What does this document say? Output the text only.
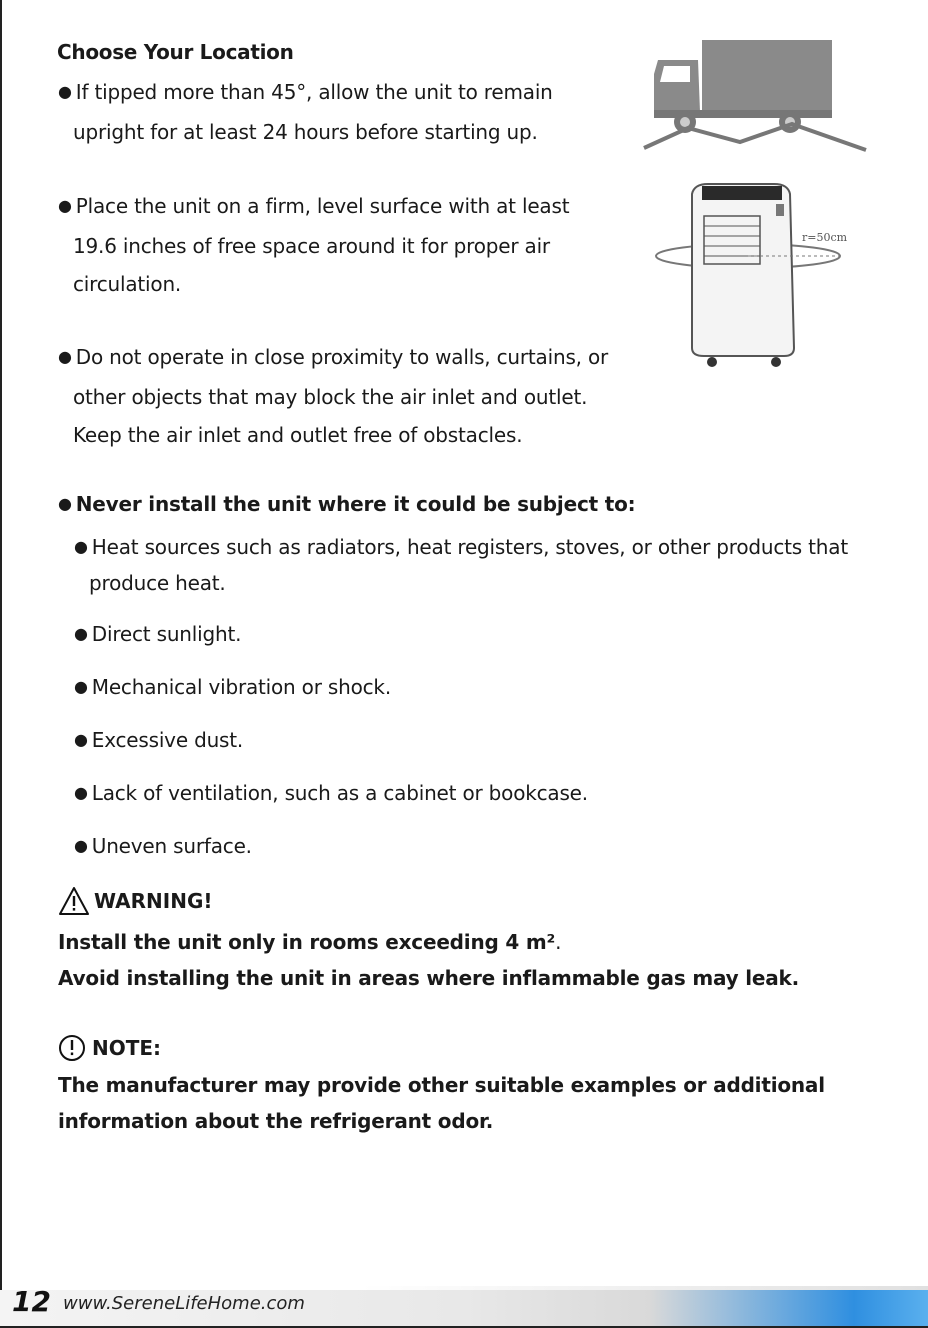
Choose Your Location
● If tipped more than 45°, allow the unit to remain
upright for at least 24 hours before starting up.
● Place the unit on a firm, level surface with at least
19.6 inches of free space around it for proper air
circulation.
● Do not operate in close proximity to walls, curtains, or
other objects that may block the air inlet and outlet.
Keep the air inlet and outlet free of obstacles.
r=50cm
● Never install the unit where it could be subject to:
● Heat sources such as radiators, heat registers, stoves, or other products that
produce heat.
● Direct sunlight.
● Mechanical vibration or shock.
● Excessive dust.
● Lack of ventilation, such as a cabinet or bookcase.
● Uneven surface.
WARNING!
Install the unit only in rooms exceeding 4 m².
Avoid installing the unit in areas where inflammable gas may leak.
NOTE:
The manufacturer may provide other suitable examples or additional
information about the refrigerant odor.
12 www.SereneLifeHome.com
